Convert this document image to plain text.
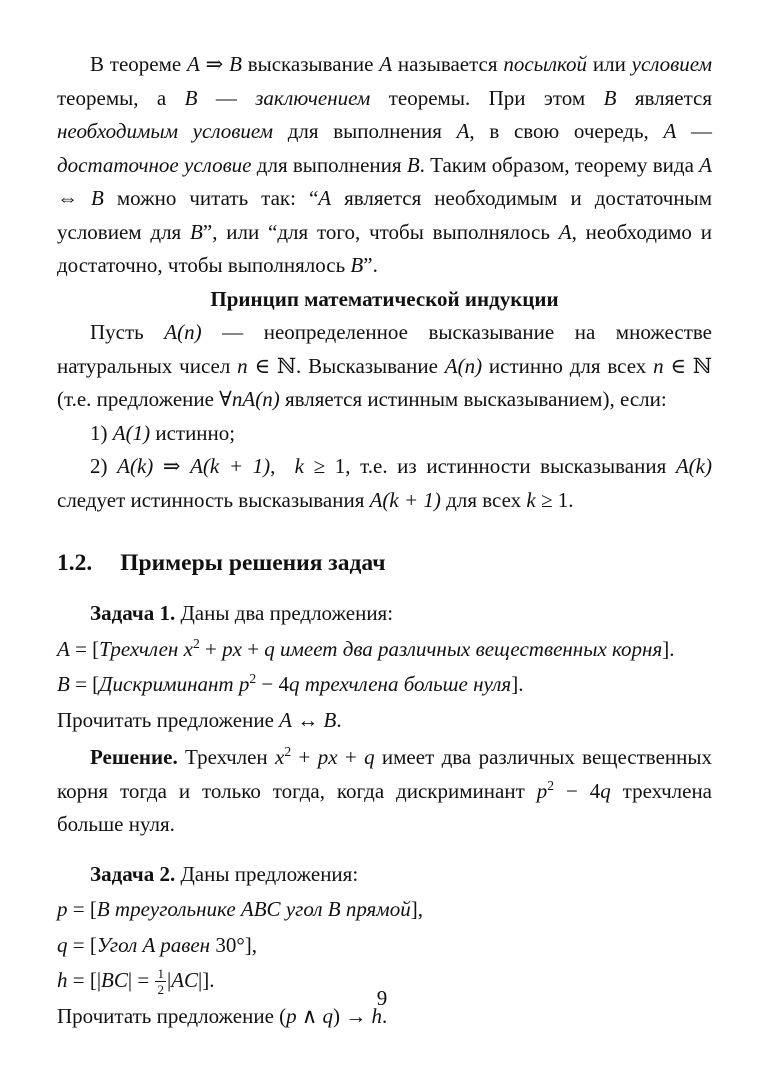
В теореме A ⇒ B высказывание A называется посылкой или условием теоремы, а B — заключением теоремы. При этом B является необходимым условием для выполнения A, в свою очередь, A — достаточное условие для выполнения B. Таким образом, теорему вида A ⇔ B можно читать так: “A является необходимым и достаточным условием для B”, или “для того, чтобы выполнялось A, необходимо и достаточно, чтобы выполнялось B”.

Принцип математической индукции

Пусть A(n) — неопределенное высказывание на множестве натуральных чисел n ∈ ℕ. Высказывание A(n) истинно для всех n ∈ ℕ (т.е. предложение ∀nA(n) является истинным высказыванием), если:

1) A(1) истинно;

2) A(k) ⇒ A(k + 1),  k ≥ 1, т.е. из истинности высказывания A(k) следует истинность высказывания A(k + 1) для всех k ≥ 1.

1.2. Примеры решения задач

Задача 1. Даны два предложения:

A = [Трехчлен $x^2$ + px + q имеет два различных вещественных корня].

B = [Дискриминант $p^2 - 4q$ трехчлена больше нуля].

Прочитать предложение A ↔ B.

Решение. Трехчлен $x^2$ + px + q имеет два различных вещественных корня тогда и только тогда, когда дискриминант $p^2 - 4q$ трехчлена больше нуля.

Задача 2. Даны предложения:

p = [В треугольнике ABC угол B прямой],

q = [Угол A равен 30°],

$h = [|BC| = \frac{1}{2} |AC|]$.

Прочитать предложение (p ∧ q) → h.

9
